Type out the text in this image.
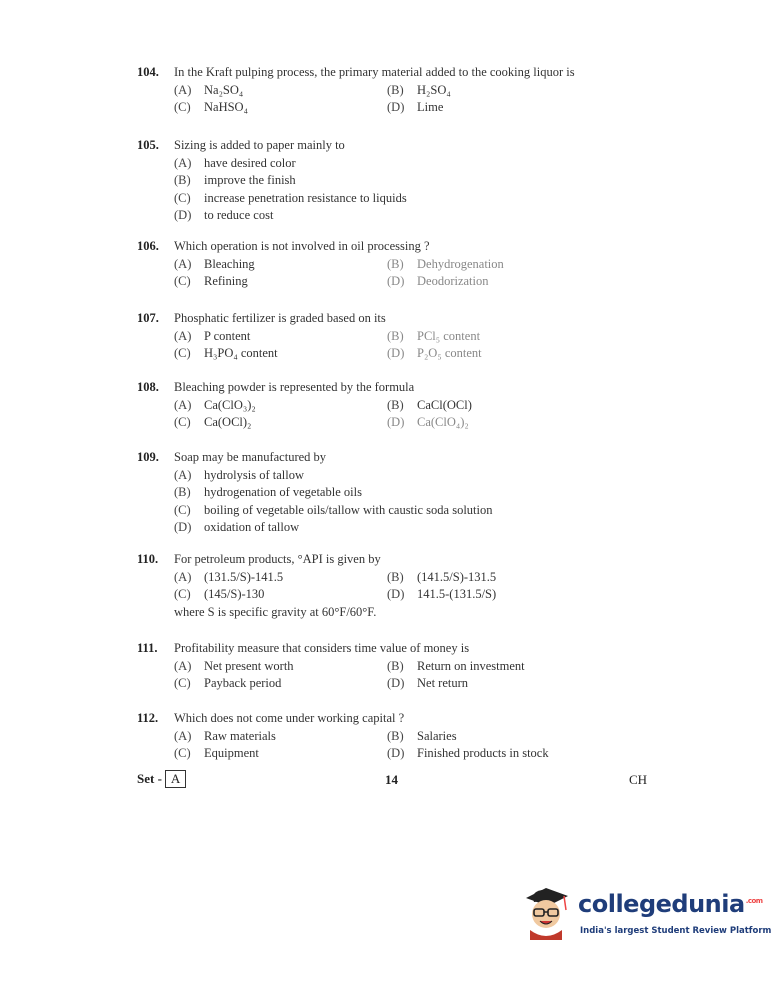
104.	In the Kraft pulping process, the primary material added to the cooking liquor is
(A)	Na₂SO₄	(B)	H₂SO₄
(C)	NaHSO₄	(D)	Lime
105.	Sizing is added to paper mainly to
(A)	have desired color
(B)	improve the finish
(C)	increase penetration resistance to liquids
(D)	to reduce cost
106.	Which operation is not involved in oil processing ?
(A)	Bleaching	(B)	Dehydrogenation
(C)	Refining	(D)	Deodorization
107.	Phosphatic fertilizer is graded based on its
(A)	P content	(B)	PCl₅ content
(C)	H₃PO₄ content	(D)	P₂O₅ content
108.	Bleaching powder is represented by the formula
(A)	Ca(ClO₃)₂	(B)	CaCl(OCl)
(C)	Ca(OCl)₂	(D)	Ca(ClO₄)₂
109.	Soap may be manufactured by
(A)	hydrolysis of tallow
(B)	hydrogenation of vegetable oils
(C)	boiling of vegetable oils/tallow with caustic soda solution
(D)	oxidation of tallow
110.	For petroleum products, °API is given by
(A)	(131.5/S)-141.5	(B)	(141.5/S)-131.5
(C)	(145/S)-130	(D)	141.5-(131.5/S)
where S is specific gravity at 60°F/60°F.
111.	Profitability measure that considers time value of money is
(A)	Net present worth	(B)	Return on investment
(C)	Payback period	(D)	Net return
112.	Which does not come under working capital ?
(A)	Raw materials	(B)	Salaries
(C)	Equipment	(D)	Finished products in stock
Set - A	14	CH
collegedunia$^{.com}$
India's largest Student Review Platform
